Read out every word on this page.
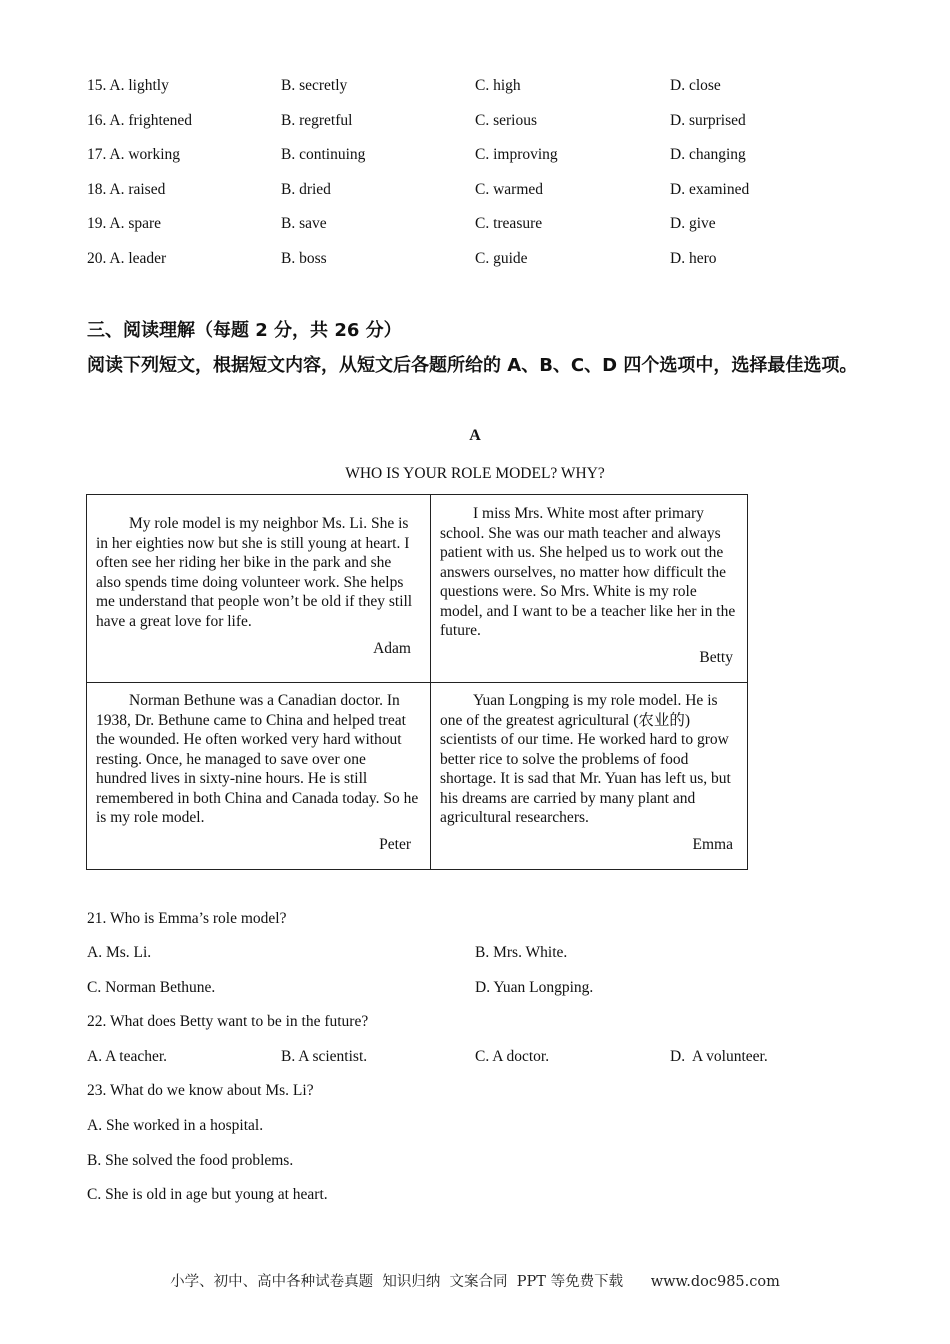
15. A. lightly	B. secretly	C. high	D. close
16. A. frightened	B. regretful	C. serious	D. surprised
17. A. working	B. continuing	C. improving	D. changing
18. A. raised	B. dried	C. warmed	D. examined
19. A. spare	B. save	C. treasure	D. give
20. A. leader	B. boss	C. guide	D. hero
三、阅读理解（每题 2 分，共 26 分）
阅读下列短文，根据短文内容，从短文后各题所给的 A、B、C、D 四个选项中，选择最佳选项。
A
WHO IS YOUR ROLE MODEL? WHY?

My role model is my neighbor Ms. Li. She is in her eighties now but she is still young at heart. I often see her riding her bike in the park and she also spends time doing volunteer work. She helps me understand that people won’t be old if they still have a great love for life.

Adam

I miss Mrs. White most after primary school. She was our math teacher and always patient with us. She helped us to work out the answers ourselves, no matter how difficult the questions were. So Mrs. White is my role model, and I want to be a teacher like her in the future.

Betty

Norman Bethune was a Canadian doctor. In 1938, Dr. Bethune came to China and helped treat the wounded. He often worked very hard without resting. Once, he managed to save over one hundred lives in sixty-nine hours. He is still remembered in both China and Canada today. So he is my role model.

Peter

Yuan Longping is my role model. He is one of the greatest agricultural (农业的) scientists of our time. He worked hard to grow better rice to solve the problems of food shortage. It is sad that Mr. Yuan has left us, but his dreams are carried by many plant and agricultural researchers.

Emma
21. Who is Emma’s role model?
A. Ms. Li.	B. Mrs. White.
C. Norman Bethune.	D. Yuan Longping.
22. What does Betty want to be in the future?
A. A teacher.	B. A scientist.	C. A doctor.	D.  A volunteer.
23. What do we know about Ms. Li?
A. She worked in a hospital.
B. She solved the food problems.
C. She is old in age but young at heart.
小学、初中、高中各种试卷真题  知识归纳  文案合同  PPT 等免费下载      www.doc985.com
